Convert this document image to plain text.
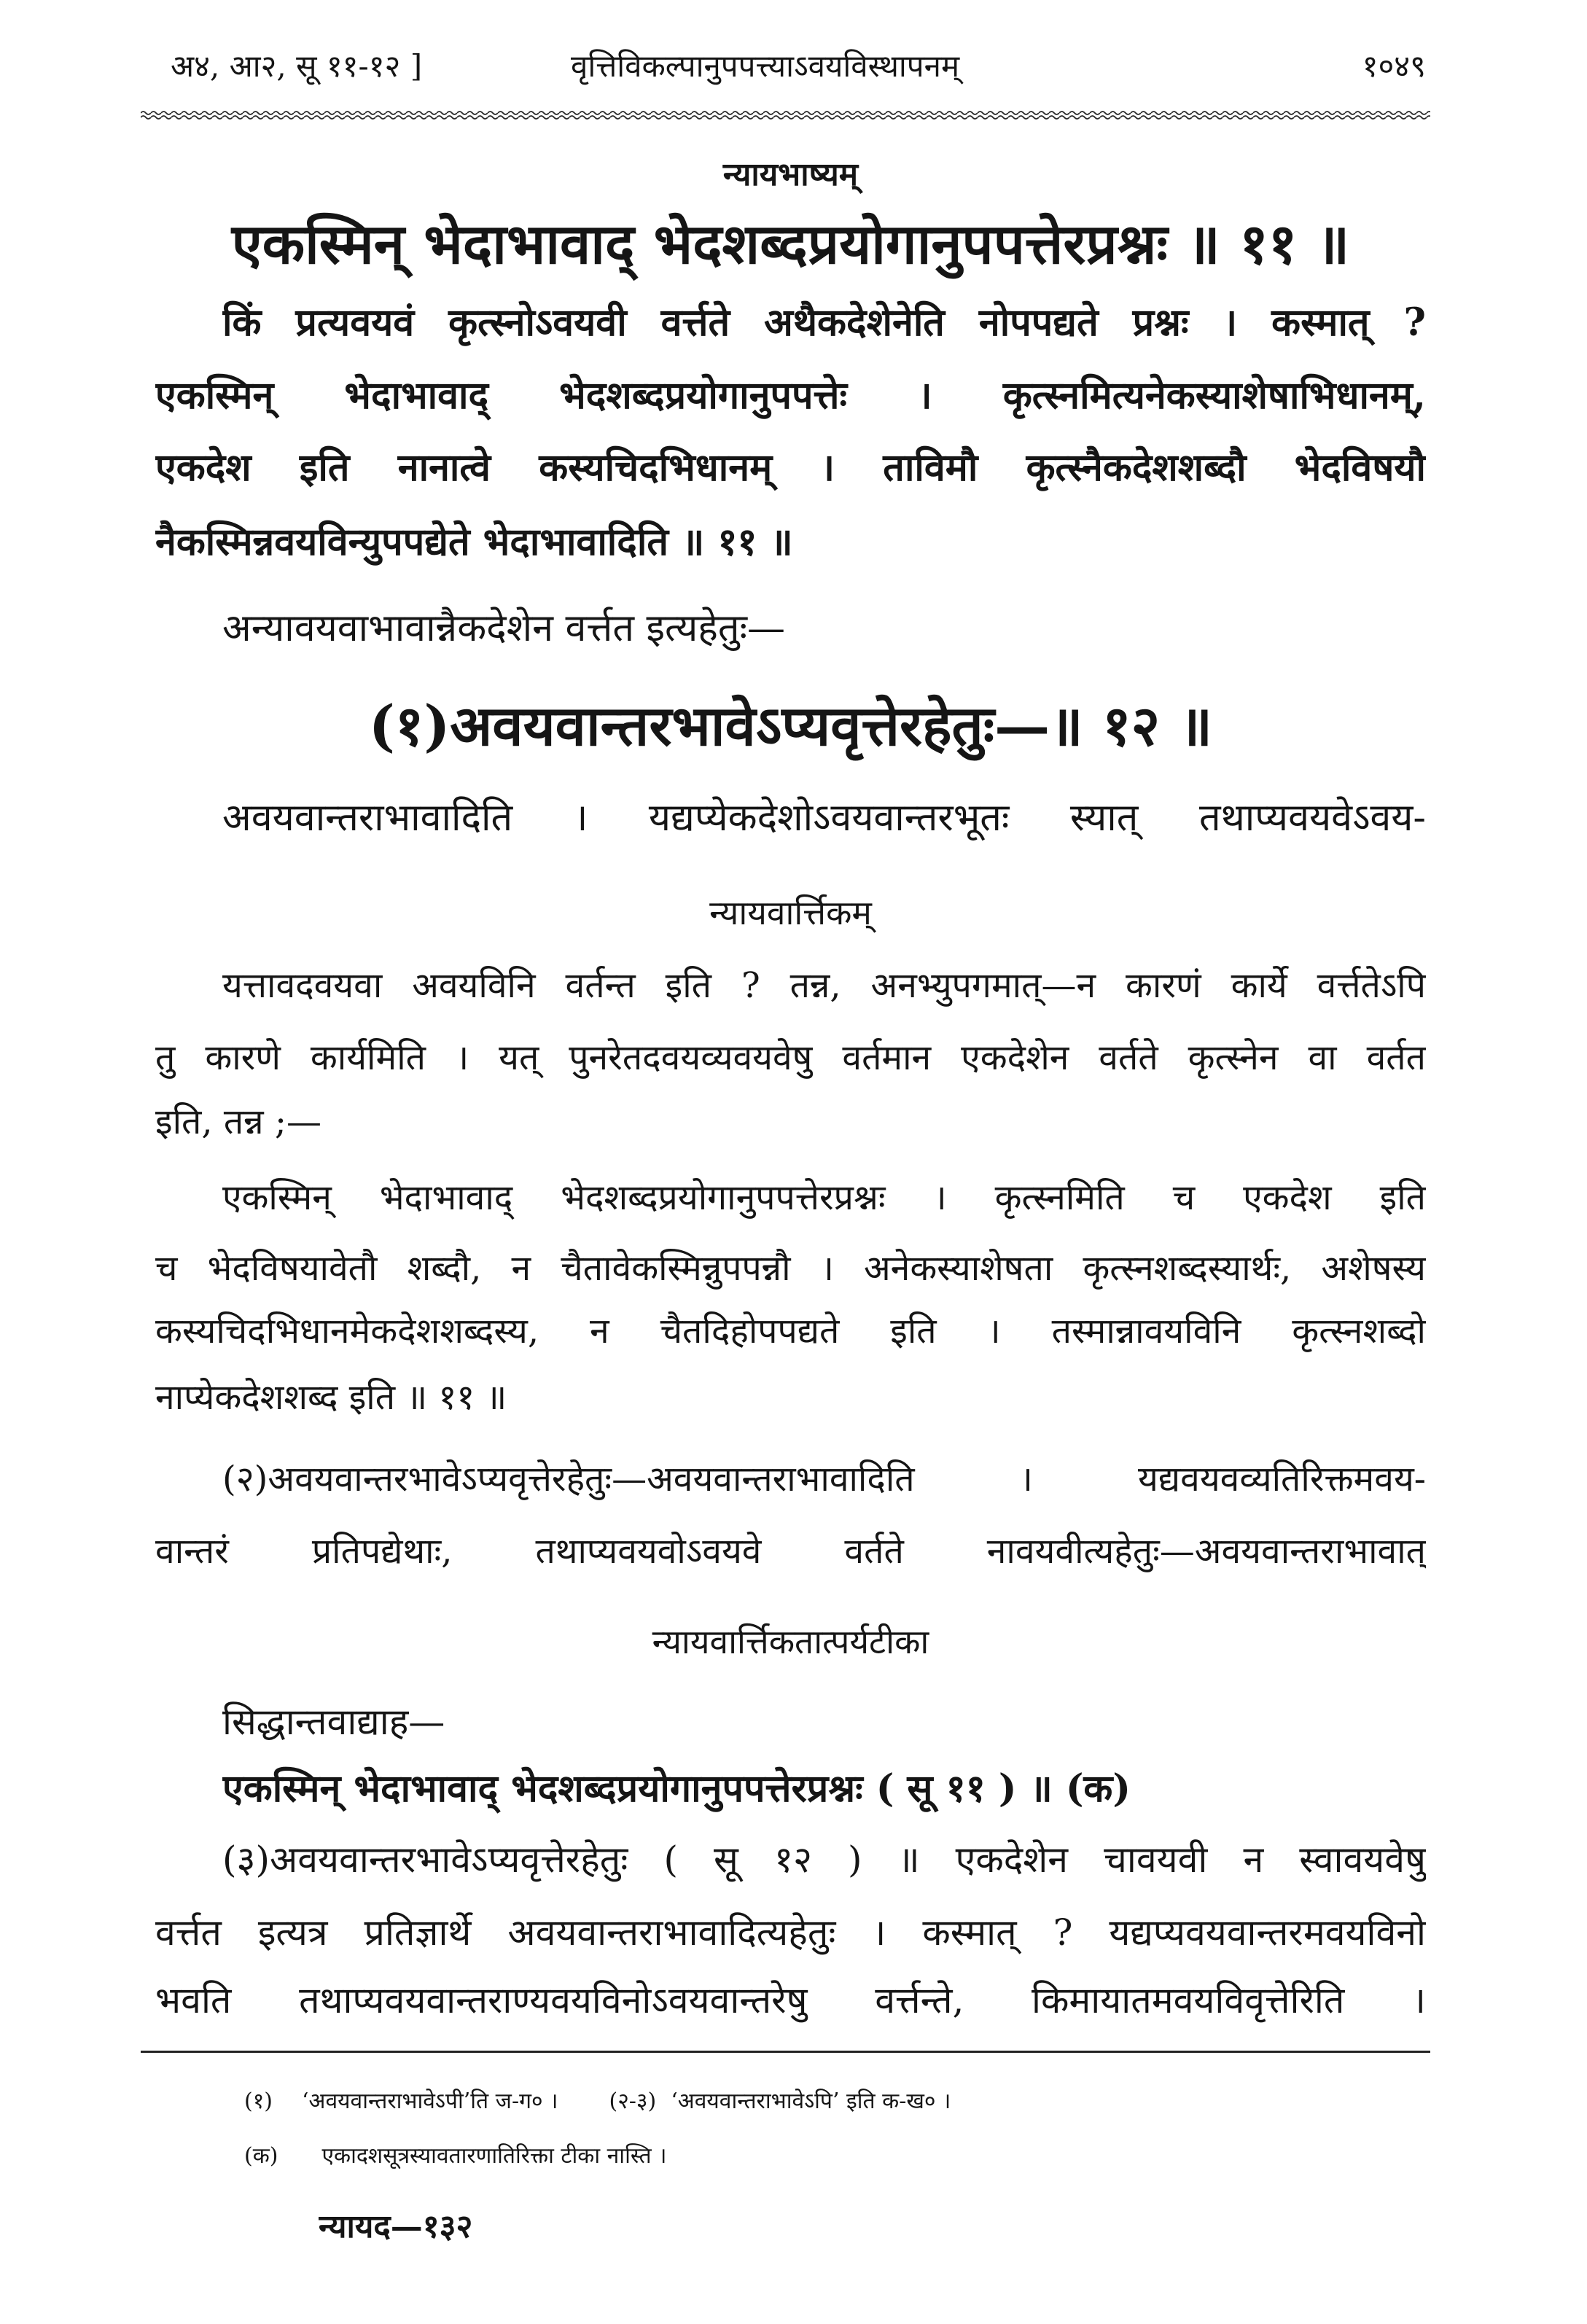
अ४, आ२, सू ११-१२ ]	वृत्तिविकल्पानुपपत्त्याऽवयविस्थापनम्	१०४९
न्यायभाष्यम्
एकस्मिन् भेदाभावाद् भेदशब्दप्रयोगानुपपत्तेरप्रश्नः ॥ ११ ॥
किं प्रत्यवयवं कृत्स्नोऽवयवी वर्त्तते अथैकदेशेनेति नोपपद्यते प्रश्नः । कस्मात् ?
एकस्मिन् भेदाभावाद् भेदशब्दप्रयोगानुपपत्तेः । कृत्स्नमित्यनेकस्याशेषाभिधानम्,
एकदेश इति नानात्वे कस्यचिदभिधानम् । ताविमौ कृत्स्नैकदेशशब्दौ भेदविषयौ
नैकस्मिन्नवयविन्युपपद्येते भेदाभावादिति ॥ ११ ॥
अन्यावयवाभावान्नैकदेशेन वर्त्तत इत्यहेतुः—
(१)अवयवान्तरभावेऽप्यवृत्तेरहेतुः—॥ १२ ॥
अवयवान्तराभावादिति । यद्यप्येकदेशोऽवयवान्तरभूतः स्यात् तथाप्यवयवेऽवय-
न्यायवार्त्तिकम्
यत्तावदवयवा अवयविनि वर्तन्त इति ? तन्न, अनभ्युपगमात्—न कारणं कार्ये वर्त्ततेऽपि
तु कारणे कार्यमिति । यत् पुनरेतदवयव्यवयवेषु वर्तमान एकदेशेन वर्तते कृत्स्नेन वा वर्तत
इति, तन्न ;—
एकस्मिन् भेदाभावाद् भेदशब्दप्रयोगानुपपत्तेरप्रश्नः । कृत्स्नमिति च एकदेश इति
च भेदविषयावेतौ शब्दौ, न चैतावेकस्मिन्नुपपन्नौ । अनेकस्याशेषता कृत्स्नशब्दस्यार्थः, अशेषस्य
कस्यचिदभिधानमेकदेशशब्दस्य, न चैतदिहोपपद्यते इति । तस्मान्नावयविनि कृत्स्नशब्दो
नाप्येकदेशशब्द इति ॥ ११ ॥
(२)अवयवान्तरभावेऽप्यवृत्तेरहेतुः—अवयवान्तराभावादिति । यद्यवयवव्यतिरिक्तमवय-
वान्तरं प्रतिपद्येथाः, तथाप्यवयवोऽवयवे वर्तते नावयवीत्यहेतुः—अवयवान्तराभावात्
न्यायवार्त्तिकतात्पर्यटीका
सिद्धान्तवाद्याह—
एकस्मिन् भेदाभावाद् भेदशब्दप्रयोगानुपपत्तेरप्रश्नः ( सू ११ ) ॥ (क)
(३)अवयवान्तरभावेऽप्यवृत्तेरहेतुः ( सू १२ ) ॥ एकदेशेन चावयवी न स्वावयवेषु
वर्त्तत इत्यत्र प्रतिज्ञार्थे अवयवान्तराभावादित्यहेतुः । कस्मात् ? यद्यप्यवयवान्तरमवयविनो
भवति तथाप्यवयवान्तराण्यवयविनोऽवयवान्तरेषु वर्त्तन्ते, किमायातमवयविवृत्तेरिति ।
(१) ‘अवयवान्तराभावेऽपी’ति ज-ग० । (२-३) ‘अवयवान्तराभावेऽपि’ इति क-ख० ।
(क) एकादशसूत्रस्यावतारणातिरिक्ता टीका नास्ति ।
न्यायद—१३२
